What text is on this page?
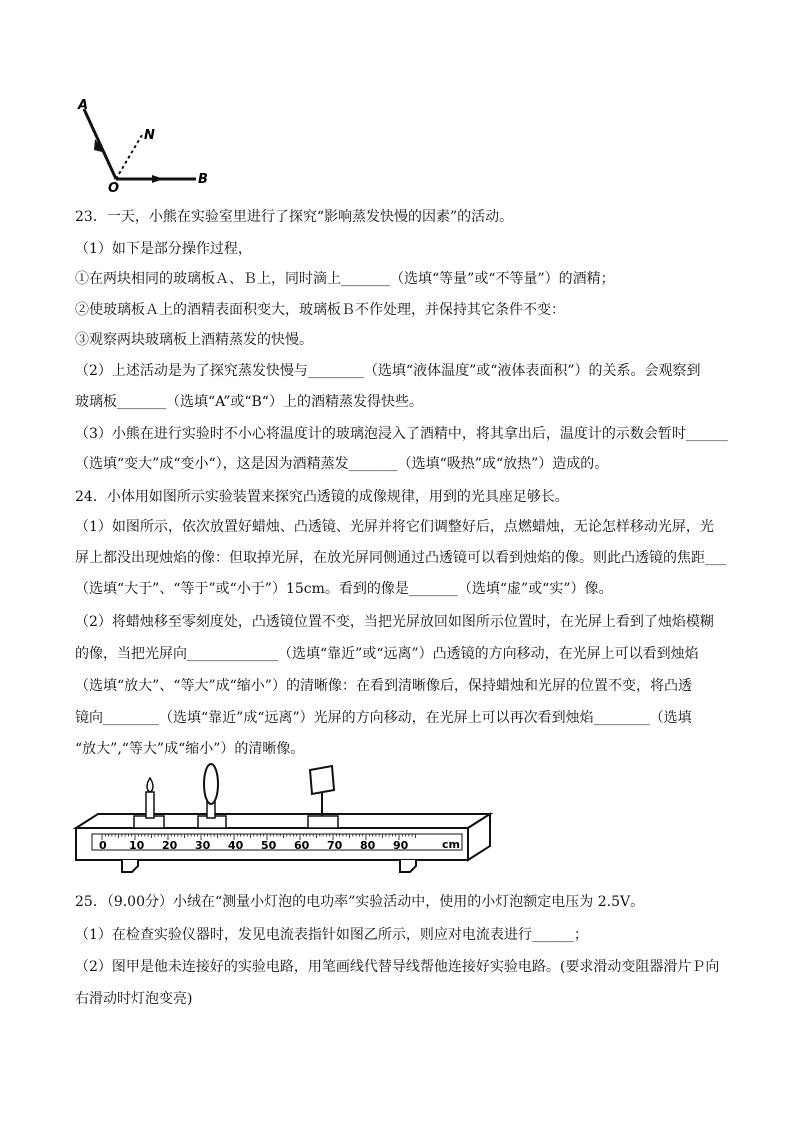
A
N
O
B
23．一天，小熊在实验室里进行了探究“影响蒸发快慢的因素”的活动。
（1）如下是部分操作过程，
①在两块相同的玻璃板Ａ、Ｂ上，同时滴上_______（选填“等量”或“不等量”）的酒精；
②使玻璃板Ａ上的酒精表面积变大，玻璃板Ｂ不作处理，并保持其它条件不变：
③观察两块玻璃板上酒精蒸发的快慢。
（2）上述活动是为了探究蒸发快慢与________（选填“液体温度”或“液体表面积”）的关系。会观察到
玻璃板_______（选填“A”或“B“）上的酒精蒸发得快些。
（3）小熊在进行实验时不小心将温度计的玻璃泡浸入了酒精中，将其拿出后，温度计的示数会暂时______
（选填“变大”成“变小“），这是因为酒精蒸发_______（选填“吸热”成“放热”）造成的。
24．小体用如图所示实验装置来探究凸透镜的成像规律，用到的光具座足够长。
（1）如图所示，依次放置好蜡烛、凸透镜、光屏并将它们调整好后，点燃蜡烛，无论怎样移动光屏，光
屏上都没出现烛焰的像：但取掉光屏，在放光屏同侧通过凸透镜可以看到烛焰的像。则此凸透镜的焦距___
（选填“大于”、“等于”或“小于”）15cm。看到的像是_______（选填“虚”或“实”）像。
（2）将蜡烛移至零刻度处，凸透镜位置不变，当把光屏放回如图所示位置时，在光屏上看到了烛焰模糊
的像，当把光屏向_____________（选填“靠近”或“远离”）凸透镜的方向移动，在光屏上可以看到烛焰
（选填“放大”、“等大”成“缩小”）的清晰像：在看到清晰像后，保持蜡烛和光屏的位置不变，将凸透
镜向________（选填“靠近”成“远离”）光屏的方向移动，在光屏上可以再次看到烛焰________（选填
“放大”,“等大”成“缩小”）的清晰像。
0 10 20 30 40 50 60 70 80 90	cm
25．（9.00分）小绒在“测量小灯泡的电功率”实验活动中，使用的小灯泡额定电压为 2.5V。
（1）在检查实验仪器时，发见电流表指针如图乙所示，则应对电流表进行______；
（2）图甲是他未连接好的实验电路，用笔画线代替导线帮他连接好实验电路。(要求滑动变阻器滑片Ｐ向
右滑动时灯泡变亮)
